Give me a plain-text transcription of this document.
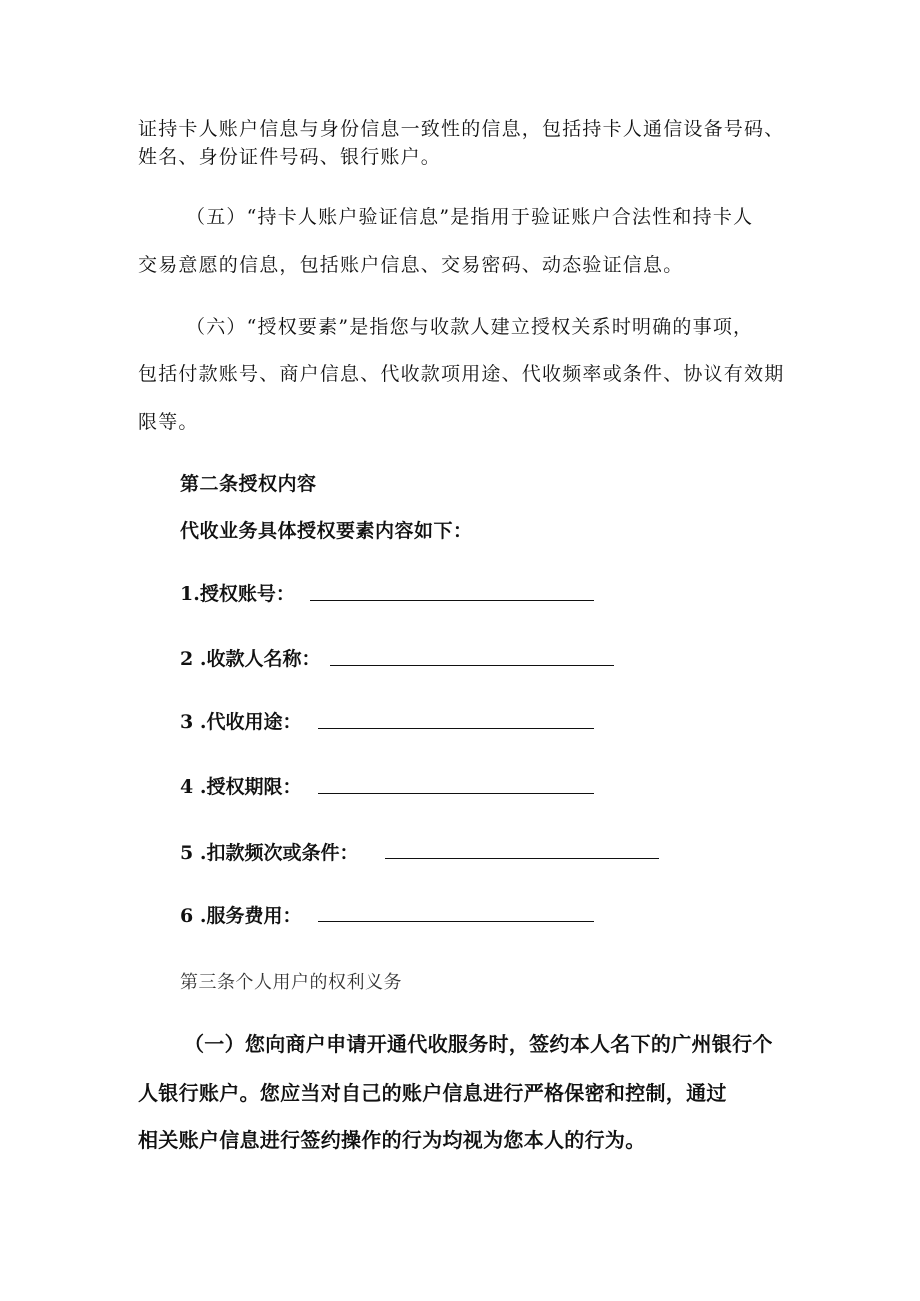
证持卡人账户信息与身份信息一致性的信息，包括持卡人通信设备号码、
姓名、身份证件号码、银行账户。
（五）“持卡人账户验证信息”是指用于验证账户合法性和持卡人
交易意愿的信息，包括账户信息、交易密码、动态验证信息。
（六）“授权要素”是指您与收款人建立授权关系时明确的事项，
包括付款账号、商户信息、代收款项用途、代收频率或条件、协议有效期
限等。
第二条授权内容
代收业务具体授权要素内容如下：
1.授权账号：
2 .收款人名称：
3 .代收用途：
4 .授权期限：
5 .扣款频次或条件：
6 .服务费用：
第三条个人用户的权利义务
（一）您向商户申请开通代收服务时，签约本人名下的广州银行个
人银行账户。您应当对自己的账户信息进行严格保密和控制，通过
相关账户信息进行签约操作的行为均视为您本人的行为。
